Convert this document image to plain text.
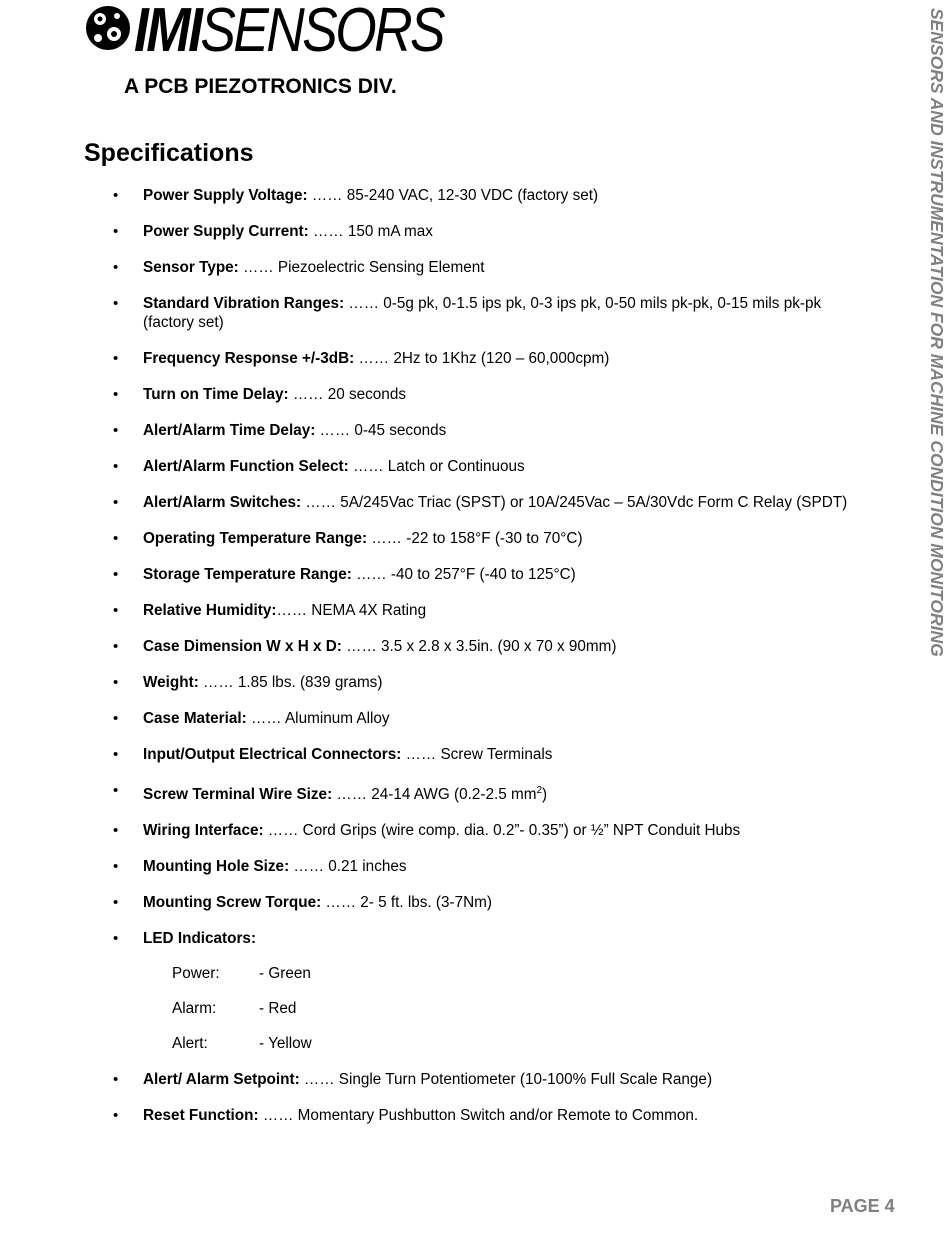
IMISENSORS
A PCB PIEZOTRONICS DIV.	SENSORS AND INSTRUMENTATION FOR MACHINE CONDITION MONITORING
Specifications
• Power Supply Voltage: …… 85-240 VAC, 12-30 VDC (factory set)
• Power Supply Current: …… 150 mA max
• Sensor Type: …… Piezoelectric Sensing Element
• Standard Vibration Ranges: …… 0-5g pk, 0-1.5 ips pk, 0-3 ips pk, 0-50 mils pk-pk, 0-15 mils pk-pk (factory set)
• Frequency Response +/-3dB: …… 2Hz to 1Khz (120 – 60,000cpm)
• Turn on Time Delay: …… 20 seconds
• Alert/Alarm Time Delay: …… 0-45 seconds
• Alert/Alarm Function Select: …… Latch or Continuous
• Alert/Alarm Switches: …… 5A/245Vac Triac (SPST) or 10A/245Vac – 5A/30Vdc Form C Relay (SPDT)
• Operating Temperature Range: …… -22 to 158°F (-30 to 70°C)
• Storage Temperature Range: …… -40 to 257°F (-40 to 125°C)
• Relative Humidity:…… NEMA 4X Rating
• Case Dimension W x H x D: …… 3.5 x 2.8 x 3.5in. (90 x 70 x 90mm)
• Weight: …… 1.85 lbs. (839 grams)
• Case Material: …… Aluminum Alloy
• Input/Output Electrical Connectors: …… Screw Terminals
• Screw Terminal Wire Size: …… 24-14 AWG (0.2-2.5 $mm^2$)
• Wiring Interface: …… Cord Grips (wire comp. dia. 0.2”- 0.35”) or ½” NPT Conduit Hubs
• Mounting Hole Size: …… 0.21 inches
• Mounting Screw Torque: …… 2- 5 ft. lbs. (3-7Nm)
• LED Indicators:
Power:	- Green
Alarm:	- Red
Alert:	- Yellow
• Alert/ Alarm Setpoint: …… Single Turn Potentiometer (10-100% Full Scale Range)
• Reset Function: …… Momentary Pushbutton Switch and/or Remote to Common.
PAGE 4
